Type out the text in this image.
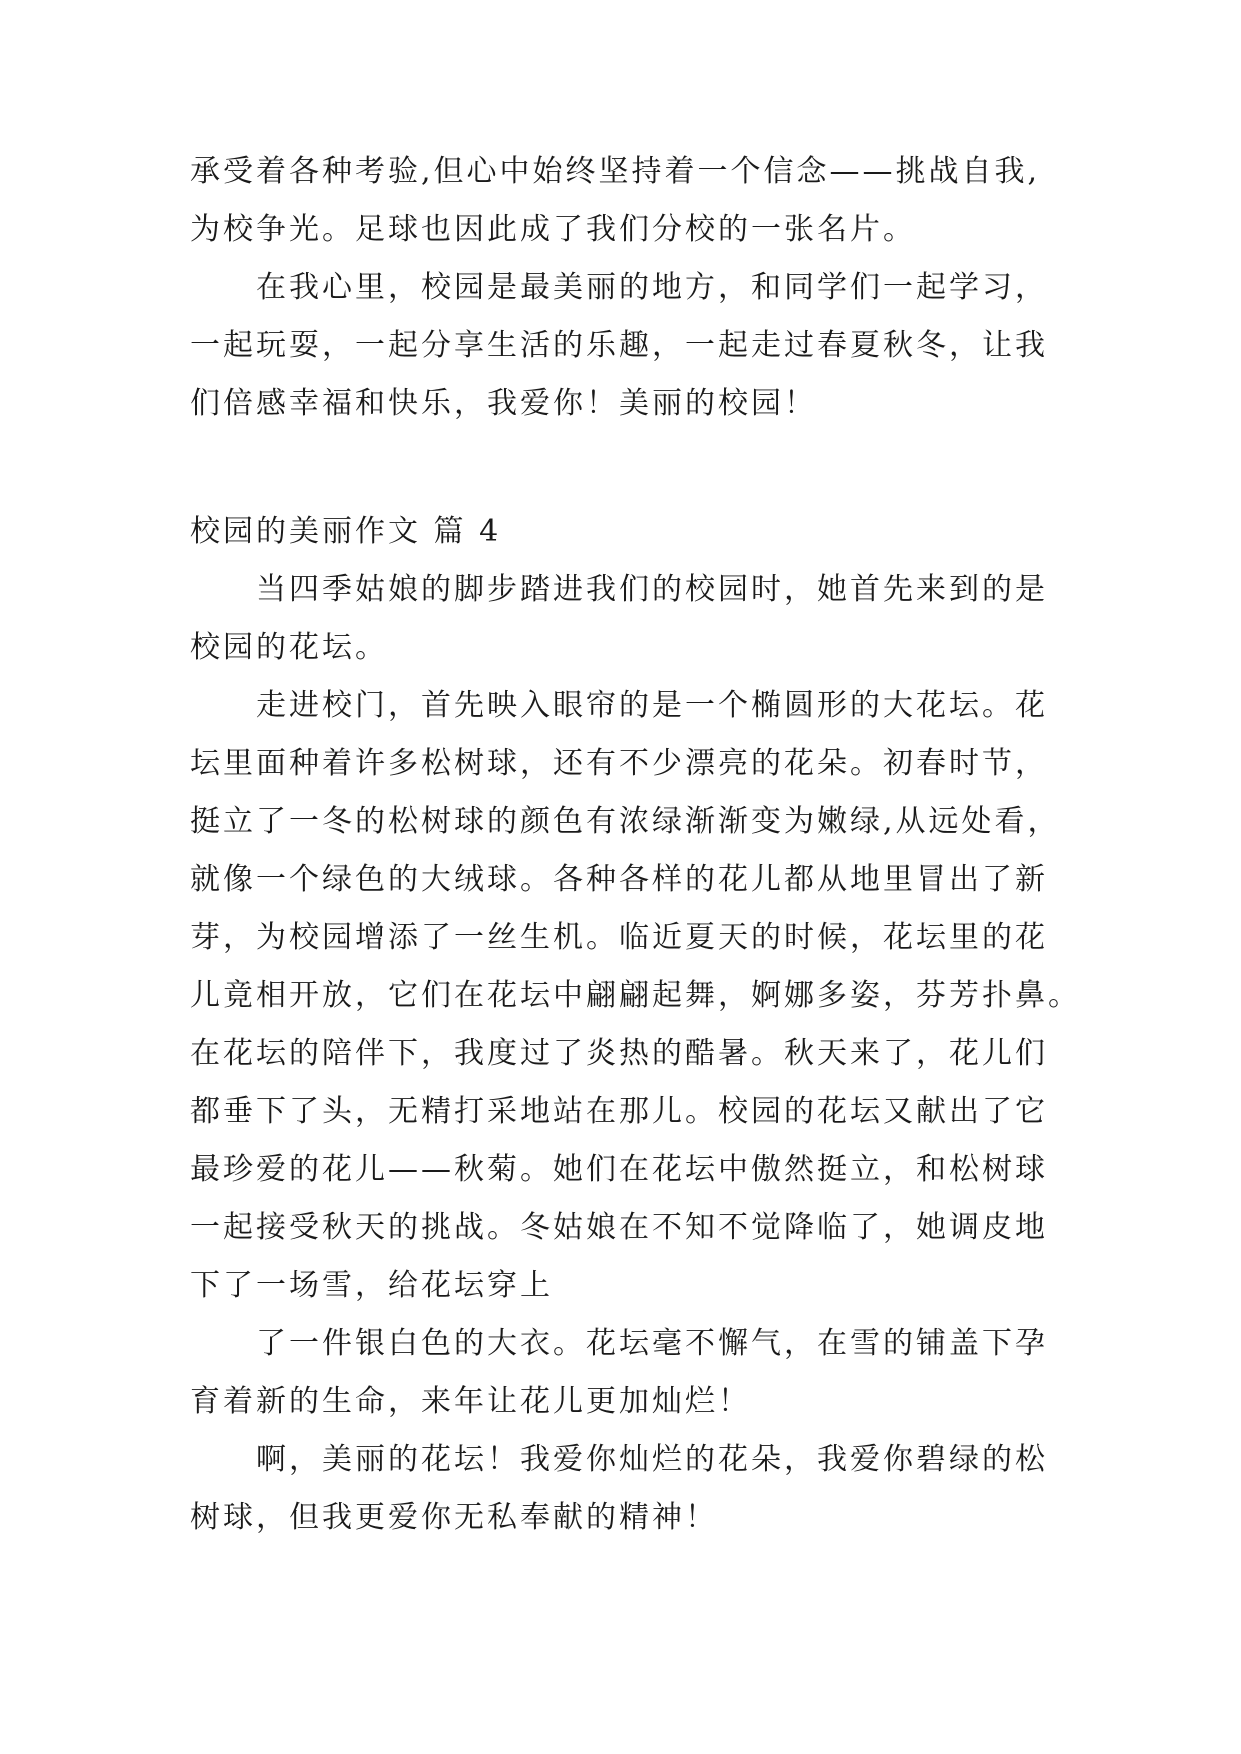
承受着各种考验,但心中始终坚持着一个信念——挑战自我,
为校争光。足球也因此成了我们分校的一张名片。
在我心里，校园是最美丽的地方，和同学们一起学习，
一起玩耍，一起分享生活的乐趣，一起走过春夏秋冬，让我
们倍感幸福和快乐，我爱你！美丽的校园！
校园的美丽作文 篇 4
当四季姑娘的脚步踏进我们的校园时，她首先来到的是
校园的花坛。
走进校门，首先映入眼帘的是一个椭圆形的大花坛。花
坛里面种着许多松树球，还有不少漂亮的花朵。初春时节，
挺立了一冬的松树球的颜色有浓绿渐渐变为嫩绿,从远处看，
就像一个绿色的大绒球。各种各样的花儿都从地里冒出了新
芽，为校园增添了一丝生机。临近夏天的时候，花坛里的花
儿竟相开放，它们在花坛中翩翩起舞，婀娜多姿，芬芳扑鼻。
在花坛的陪伴下，我度过了炎热的酷暑。秋天来了，花儿们
都垂下了头，无精打采地站在那儿。校园的花坛又献出了它
最珍爱的花儿——秋菊。她们在花坛中傲然挺立，和松树球
一起接受秋天的挑战。冬姑娘在不知不觉降临了，她调皮地
下了一场雪，给花坛穿上
了一件银白色的大衣。花坛毫不懈气，在雪的铺盖下孕
育着新的生命，来年让花儿更加灿烂！
啊，美丽的花坛！我爱你灿烂的花朵，我爱你碧绿的松
树球，但我更爱你无私奉献的精神！
